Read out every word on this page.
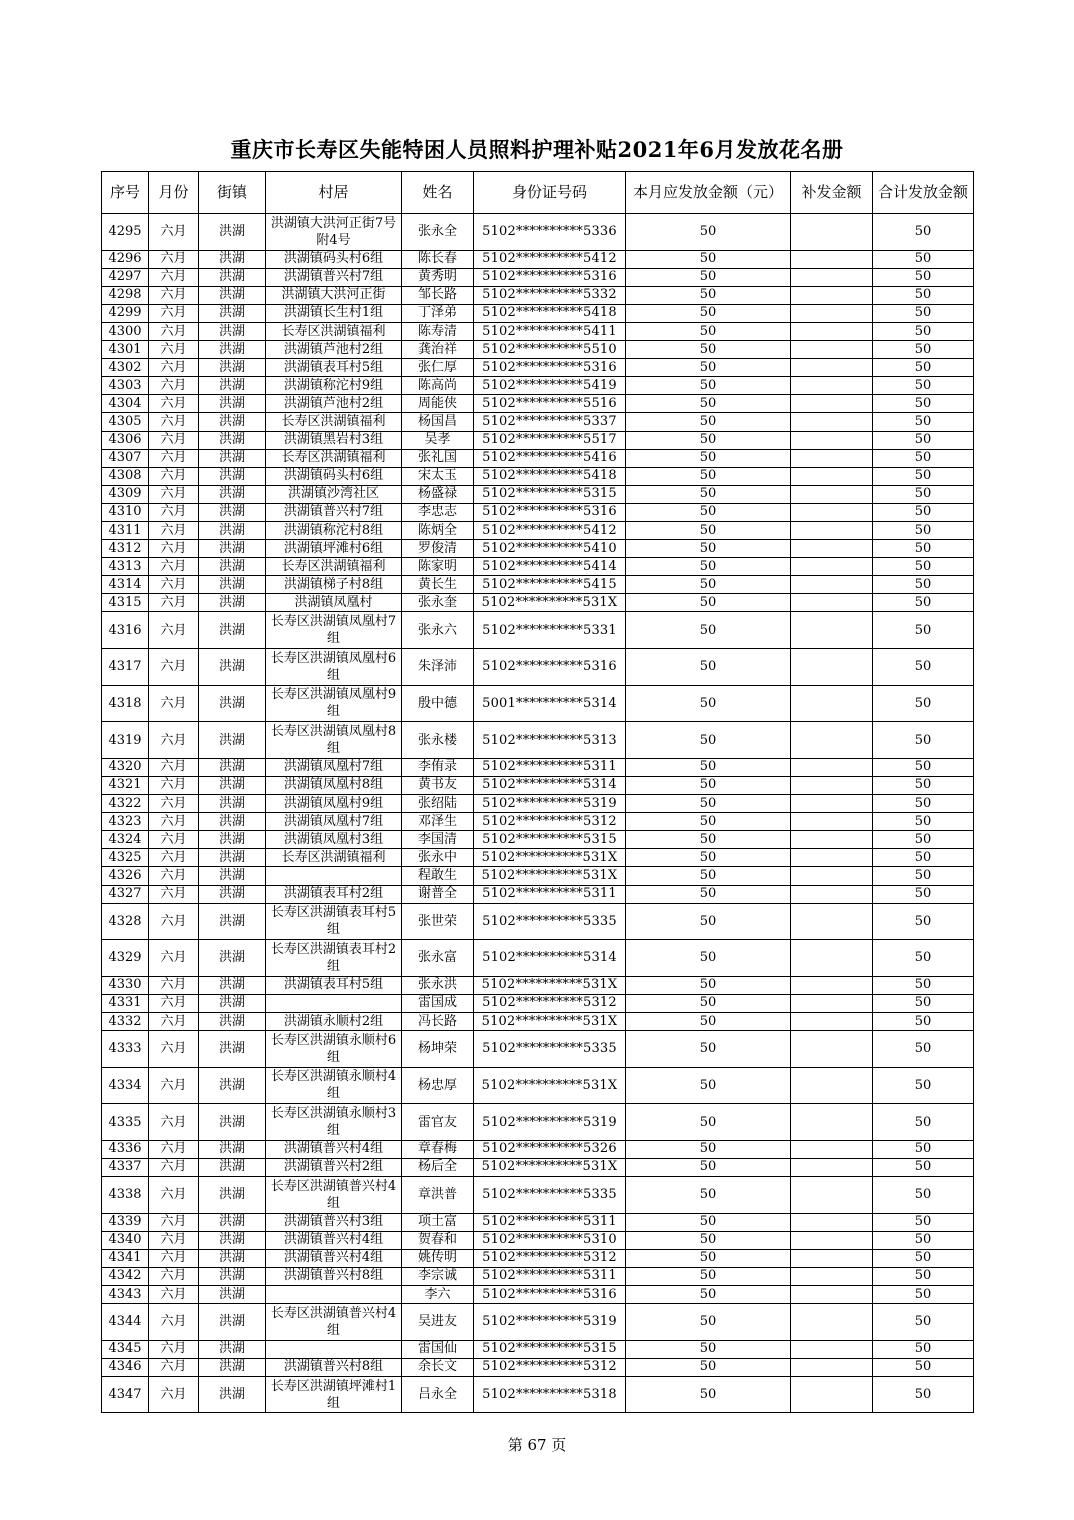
重庆市长寿区失能特困人员照料护理补贴2021年6月发放花名册
序号	月份	街镇	村居	姓名	身份证号码	本月应发放金额（元）	补发金额	合计发放金额
4295	六月	洪湖	洪湖镇大洪河正街7号附4号	张永全	5102**********5336	50		50
4296	六月	洪湖	洪湖镇码头村6组	陈长春	5102**********5412	50		50
4297	六月	洪湖	洪湖镇普兴村7组	黄秀明	5102**********5316	50		50
4298	六月	洪湖	洪湖镇大洪河正街	邹长路	5102**********5332	50		50
4299	六月	洪湖	洪湖镇长生村1组	丁泽弟	5102**********5418	50		50
4300	六月	洪湖	长寿区洪湖镇福利	陈寿清	5102**********5411	50		50
4301	六月	洪湖	洪湖镇芦池村2组	龚治祥	5102**********5510	50		50
4302	六月	洪湖	洪湖镇表耳村5组	张仁厚	5102**********5316	50		50
4303	六月	洪湖	洪湖镇称沱村9组	陈高尚	5102**********5419	50		50
4304	六月	洪湖	洪湖镇芦池村2组	周能侠	5102**********5516	50		50
4305	六月	洪湖	长寿区洪湖镇福利	杨国昌	5102**********5337	50		50
4306	六月	洪湖	洪湖镇黑岩村3组	吴孝	5102**********5517	50		50
4307	六月	洪湖	长寿区洪湖镇福利	张礼国	5102**********5416	50		50
4308	六月	洪湖	洪湖镇码头村6组	宋太玉	5102**********5418	50		50
4309	六月	洪湖	洪湖镇沙湾社区	杨盛禄	5102**********5315	50		50
4310	六月	洪湖	洪湖镇普兴村7组	李忠志	5102**********5316	50		50
4311	六月	洪湖	洪湖镇称沱村8组	陈炳全	5102**********5412	50		50
4312	六月	洪湖	洪湖镇坪滩村6组	罗俊清	5102**********5410	50		50
4313	六月	洪湖	长寿区洪湖镇福利	陈家明	5102**********5414	50		50
4314	六月	洪湖	洪湖镇梯子村8组	黄长生	5102**********5415	50		50
4315	六月	洪湖	洪湖镇凤凰村	张永奎	5102**********531X	50		50
4316	六月	洪湖	长寿区洪湖镇凤凰村7组	张永六	5102**********5331	50		50
4317	六月	洪湖	长寿区洪湖镇凤凰村6组	朱泽沛	5102**********5316	50		50
4318	六月	洪湖	长寿区洪湖镇凤凰村9组	殷中德	5001**********5314	50		50
4319	六月	洪湖	长寿区洪湖镇凤凰村8组	张永楼	5102**********5313	50		50
4320	六月	洪湖	洪湖镇凤凰村7组	李侑录	5102**********5311	50		50
4321	六月	洪湖	洪湖镇凤凰村8组	黄书友	5102**********5314	50		50
4322	六月	洪湖	洪湖镇凤凰村9组	张绍陆	5102**********5319	50		50
4323	六月	洪湖	洪湖镇凤凰村7组	邓泽生	5102**********5312	50		50
4324	六月	洪湖	洪湖镇凤凰村3组	李国清	5102**********5315	50		50
4325	六月	洪湖	长寿区洪湖镇福利	张永中	5102**********531X	50		50
4326	六月	洪湖		程敢生	5102**********531X	50		50
4327	六月	洪湖	洪湖镇表耳村2组	谢普全	5102**********5311	50		50
4328	六月	洪湖	长寿区洪湖镇表耳村5组	张世荣	5102**********5335	50		50
4329	六月	洪湖	长寿区洪湖镇表耳村2组	张永富	5102**********5314	50		50
4330	六月	洪湖	洪湖镇表耳村5组	张永洪	5102**********531X	50		50
4331	六月	洪湖		雷国成	5102**********5312	50		50
4332	六月	洪湖	洪湖镇永顺村2组	冯长路	5102**********531X	50		50
4333	六月	洪湖	长寿区洪湖镇永顺村6组	杨坤荣	5102**********5335	50		50
4334	六月	洪湖	长寿区洪湖镇永顺村4组	杨忠厚	5102**********531X	50		50
4335	六月	洪湖	长寿区洪湖镇永顺村3组	雷官友	5102**********5319	50		50
4336	六月	洪湖	洪湖镇普兴村4组	章春梅	5102**********5326	50		50
4337	六月	洪湖	洪湖镇普兴村2组	杨后全	5102**********531X	50		50
4338	六月	洪湖	长寿区洪湖镇普兴村4组	章洪普	5102**********5335	50		50
4339	六月	洪湖	洪湖镇普兴村3组	项土富	5102**********5311	50		50
4340	六月	洪湖	洪湖镇普兴村4组	贺春和	5102**********5310	50		50
4341	六月	洪湖	洪湖镇普兴村4组	姚传明	5102**********5312	50		50
4342	六月	洪湖	洪湖镇普兴村8组	李宗诚	5102**********5311	50		50
4343	六月	洪湖		李六	5102**********5316	50		50
4344	六月	洪湖	长寿区洪湖镇普兴村4组	吴进友	5102**********5319	50		50
4345	六月	洪湖		雷国仙	5102**********5315	50		50
4346	六月	洪湖	洪湖镇普兴村8组	余长文	5102**********5312	50		50
4347	六月	洪湖	长寿区洪湖镇坪滩村1组	吕永全	5102**********5318	50		50
第 67 页
